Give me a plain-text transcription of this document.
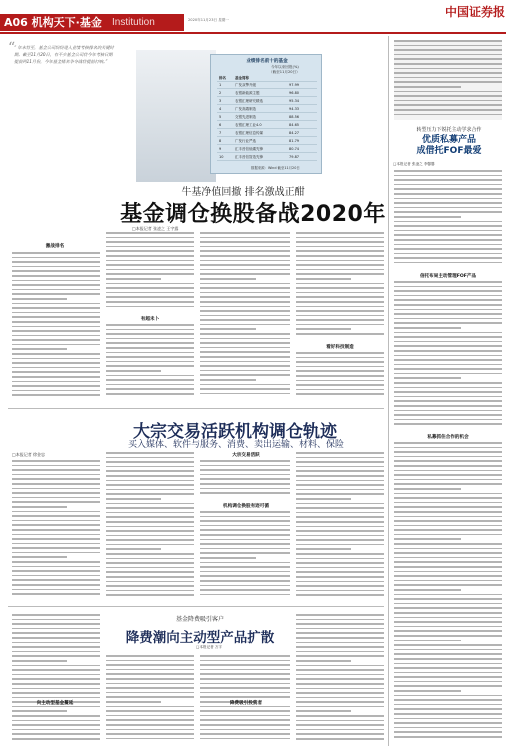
A06 机构天下·基金 Institution	2020年11月23日 星期一
中国证券报
“
“ 年末将至，基金公司纷纷进入业绩考核排名的关键时期。截至11月20日，有不少基金公司将今年考核日期提前到11月份，今年基金排名争夺战将提前打响。”	业绩排名前十的基金
今年以来回报(%)
（截至11月20日）
排名	基金简称
1	广发双擎升级	97.99
2	农银新能源主题	96.80
3	农银汇理研究精选	95.34
4	广发高端制造	94.33
5	交银先进制造	88.56
6	农银汇理工业4.0	84.65
7	农银汇理信息传媒	84.27
8	广发行业严选	81.79
9	汇丰晋信低碳先锋	80.74
10	汇丰晋信智造先锋	79.87
数据来源：Wind 截至11月20日
牛基净值回撤 排名激战正酣
基金调仓换股备战2020年
□本报记者 张凌之 王宇露
激战排名
有超未卜
看好科技制造
转型压力下锐托主动学求合作
优质私募产品
成借托FOF最爱
□本报记者 张凌之 李馨馨
信托布局主动管理FOF产品
私募抓住合作的机会
大宗交易活跃机构调仓轨迹
买入媒体、软件与服务、消费、卖出运输、材料、保险
□本报记者 徐金忠	大宗交易活跃
机构调仓换股有迹可循
基金降费吸引客户
降费潮向主动型产品扩散
□本报记者 万宇
向主动型基金蔓延	降费吸引投资者
